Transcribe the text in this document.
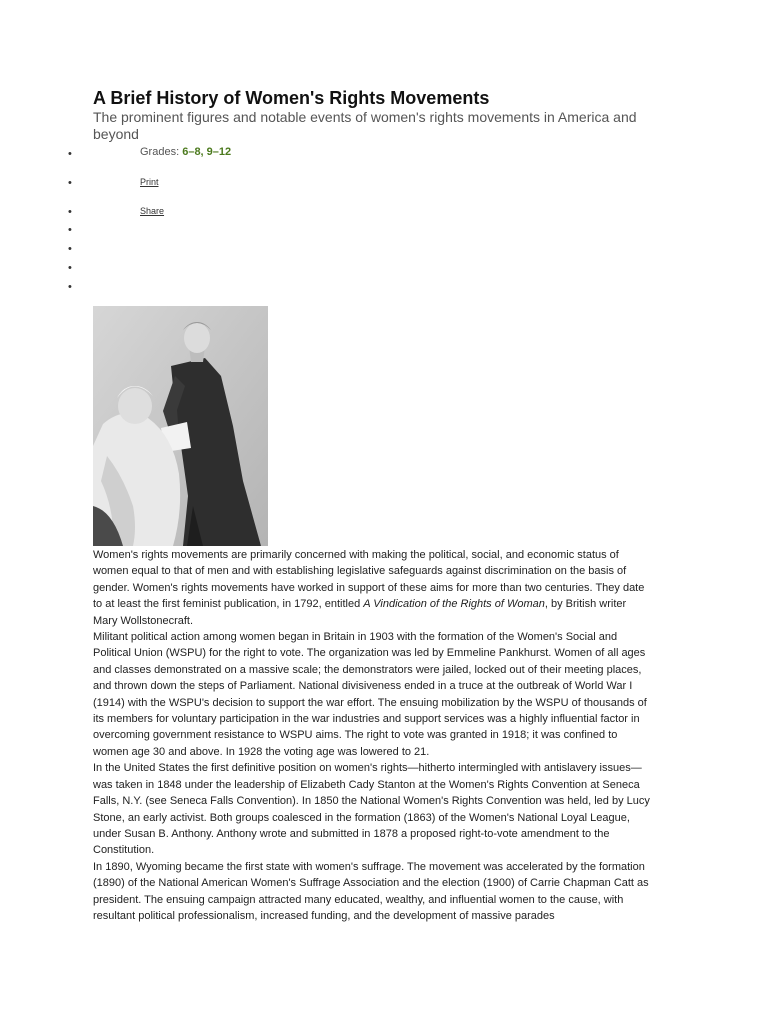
A Brief History of Women's Rights Movements

The prominent figures and notable events of women's rights movements in America and beyond

•
•
•
•
•
•
•
Grades: 6–8, 9–12
Print
Share

Women's rights movements are primarily concerned with making the political, social, and economic status of women equal to that of men and with establishing legislative safeguards against discrimination on the basis of gender. Women's rights movements have worked in support of these aims for more than two centuries. They date to at least the first feminist publication, in 1792, entitled A Vindication of the Rights of Woman, by British writer Mary Wollstonecraft.

Militant political action among women began in Britain in 1903 with the formation of the Women's Social and Political Union (WSPU) for the right to vote. The organization was led by Emmeline Pankhurst. Women of all ages and classes demonstrated on a massive scale; the demonstrators were jailed, locked out of their meeting places, and thrown down the steps of Parliament. National divisiveness ended in a truce at the outbreak of World War I (1914) with the WSPU's decision to support the war effort. The ensuing mobilization by the WSPU of thousands of its members for voluntary participation in the war industries and support services was a highly influential factor in overcoming government resistance to WSPU aims. The right to vote was granted in 1918; it was confined to women age 30 and above. In 1928 the voting age was lowered to 21.

In the United States the first definitive position on women's rights—hitherto intermingled with antislavery issues—was taken in 1848 under the leadership of Elizabeth Cady Stanton at the Women's Rights Convention at Seneca Falls, N.Y. (see Seneca Falls Convention). In 1850 the National Women's Rights Convention was held, led by Lucy Stone, an early activist. Both groups coalesced in the formation (1863) of the Women's National Loyal League, under Susan B. Anthony. Anthony wrote and submitted in 1878 a proposed right-to-vote amendment to the Constitution.

In 1890, Wyoming became the first state with women's suffrage. The movement was accelerated by the formation (1890) of the National American Women's Suffrage Association and the election (1900) of Carrie Chapman Catt as president. The ensuing campaign attracted many educated, wealthy, and influential women to the cause, with resultant political professionalism, increased funding, and the development of massive parades
